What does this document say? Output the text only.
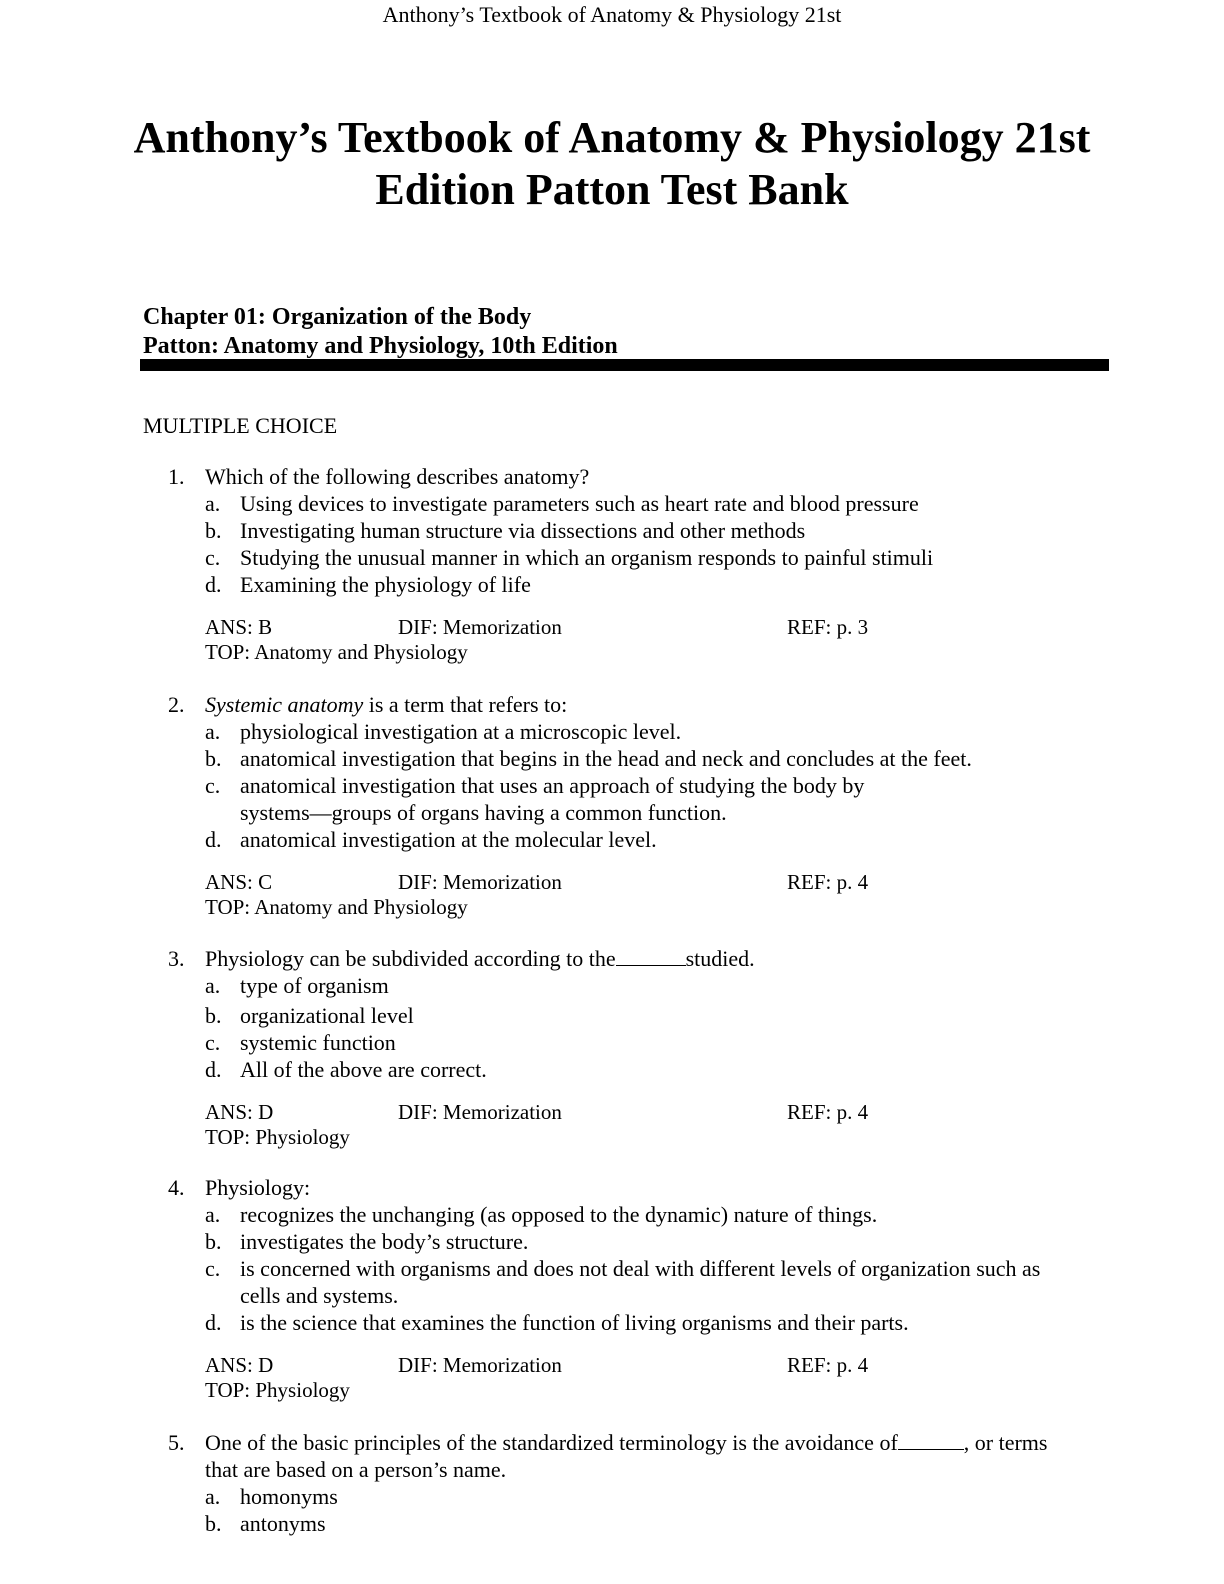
Anthony’s Textbook of Anatomy & Physiology 21st
Anthony’s Textbook of Anatomy & Physiology 21st
Edition Patton Test Bank
Chapter 01: Organization of the Body
Patton: Anatomy and Physiology, 10th Edition
MULTIPLE CHOICE
1. Which of the following describes anatomy?
a. Using devices to investigate parameters such as heart rate and blood pressure
b. Investigating human structure via dissections and other methods
c. Studying the unusual manner in which an organism responds to painful stimuli
d. Examining the physiology of life
ANS: B	DIF: Memorization	REF: p. 3
TOP: Anatomy and Physiology
2. Systemic anatomy is a term that refers to:
a. physiological investigation at a microscopic level.
b. anatomical investigation that begins in the head and neck and concludes at the feet.
c. anatomical investigation that uses an approach of studying the body by systems—groups of organs having a common function.
d. anatomical investigation at the molecular level.
ANS: C	DIF: Memorization	REF: p. 4
TOP: Anatomy and Physiology
3. Physiology can be subdivided according to the	studied.
a. type of organism
b. organizational level
c. systemic function
d. All of the above are correct.
ANS: D	DIF: Memorization	REF: p. 4
TOP: Physiology
4. Physiology:
a. recognizes the unchanging (as opposed to the dynamic) nature of things.
b. investigates the body’s structure.
c. is concerned with organisms and does not deal with different levels of organization such as cells and systems.
d. is the science that examines the function of living organisms and their parts.
ANS: D	DIF: Memorization	REF: p. 4
TOP: Physiology
5. One of the basic principles of the standardized terminology is the avoidance of	, or terms that are based on a person’s name.
a. homonyms
b. antonyms
